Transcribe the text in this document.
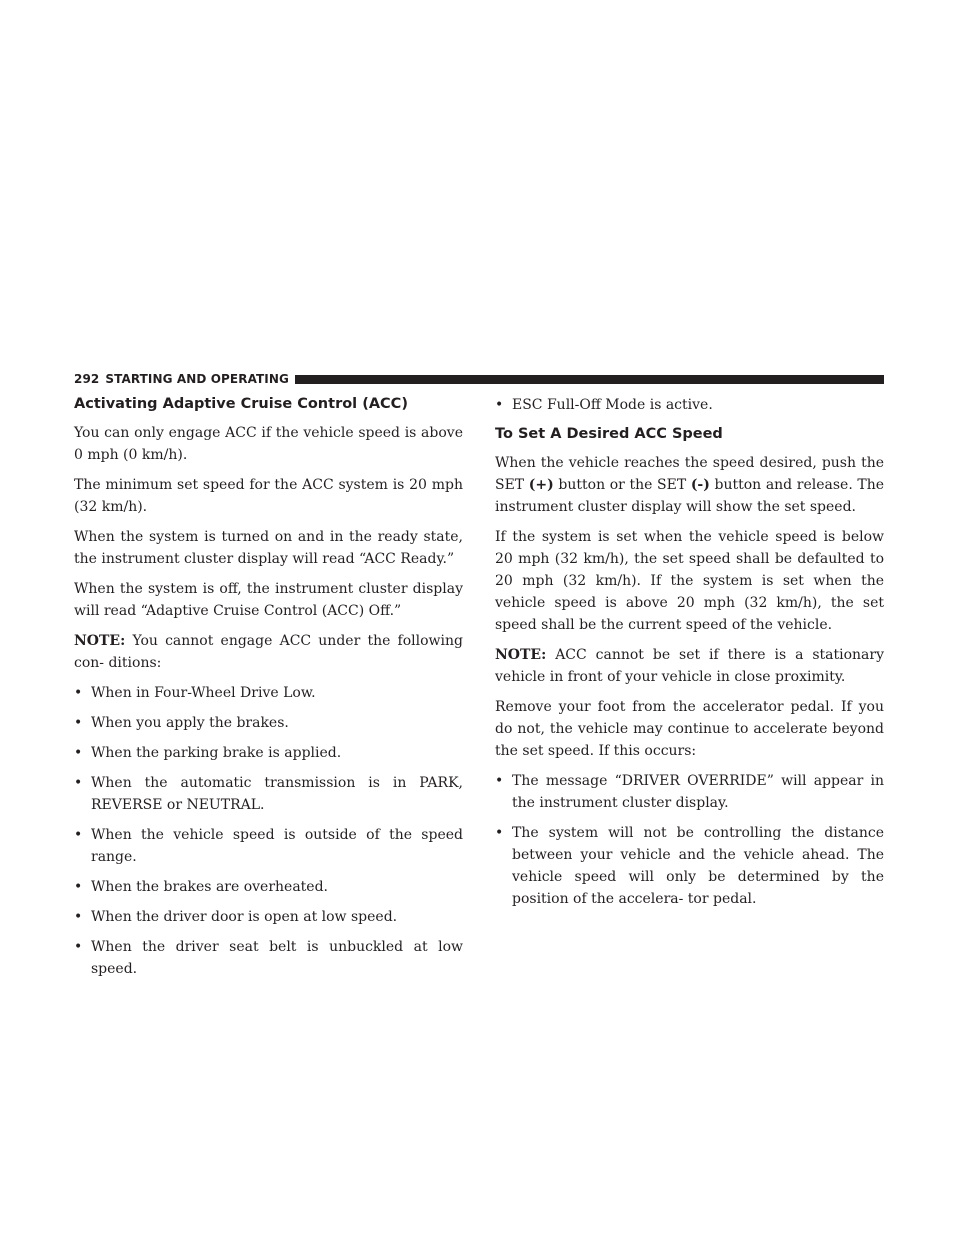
292 STARTING AND OPERATING
Activating Adaptive Cruise Control (ACC)

You can only engage ACC if the vehicle speed is above 0 mph (0 km/h).

The minimum set speed for the ACC system is 20 mph (32 km/h).

When the system is turned on and in the ready state, the instrument cluster display will read “ACC Ready.”

When the system is off, the instrument cluster display will read “Adaptive Cruise Control (ACC) Off.”

NOTE: You cannot engage ACC under the following con- ditions:

• When in Four-Wheel Drive Low.
• When you apply the brakes.
• When the parking brake is applied.
• When the automatic transmission is in PARK, REVERSE or NEUTRAL.
• When the vehicle speed is outside of the speed range.
• When the brakes are overheated.
• When the driver door is open at low speed.
• When the driver seat belt is unbuckled at low speed.
• ESC Full-Off Mode is active.
To Set A Desired ACC Speed

When the vehicle reaches the speed desired, push the SET (+) button or the SET (-) button and release. The instrument cluster display will show the set speed.

If the system is set when the vehicle speed is below 20 mph (32 km/h), the set speed shall be defaulted to 20 mph (32 km/h). If the system is set when the vehicle speed is above 20 mph (32 km/h), the set speed shall be the current speed of the vehicle.

NOTE: ACC cannot be set if there is a stationary vehicle in front of your vehicle in close proximity.

Remove your foot from the accelerator pedal. If you do not, the vehicle may continue to accelerate beyond the set speed. If this occurs:

• The message “DRIVER OVERRIDE” will appear in the instrument cluster display.
• The system will not be controlling the distance between your vehicle and the vehicle ahead. The vehicle speed will only be determined by the position of the accelera- tor pedal.
